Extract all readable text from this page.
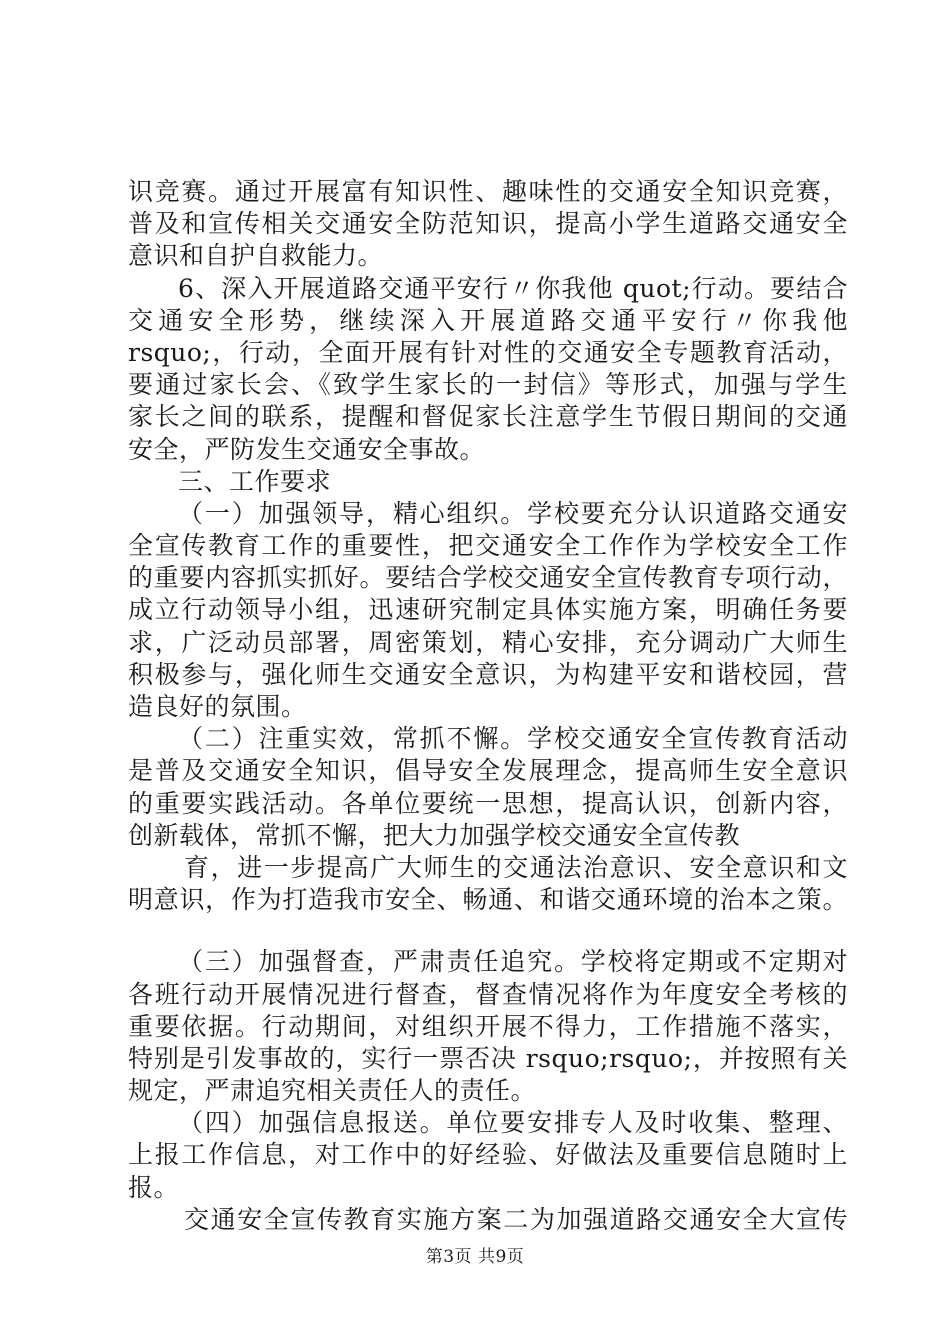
识竞赛。通过开展富有知识性、趣味性的交通安全知识竞赛，
普及和宣传相关交通安全防范知识，提高小学生道路交通安全
意识和自护自救能力。
6、深入开展道路交通平安行〃你我他 quot;行动。要结合
交通安全形势，继续深入开展道路交通平安行〃你我他
rsquo;，行动，全面开展有针对性的交通安全专题教育活动，
要通过家长会、《致学生家长的一封信》等形式，加强与学生
家长之间的联系，提醒和督促家长注意学生节假日期间的交通
安全，严防发生交通安全事故。
三、工作要求
（一）加强领导，精心组织。学校要充分认识道路交通安
全宣传教育工作的重要性，把交通安全工作作为学校安全工作
的重要内容抓实抓好。要结合学校交通安全宣传教育专项行动，
成立行动领导小组，迅速研究制定具体实施方案，明确任务要
求，广泛动员部署，周密策划，精心安排，充分调动广大师生
积极参与，强化师生交通安全意识，为构建平安和谐校园，营
造良好的氛围。
（二）注重实效，常抓不懈。学校交通安全宣传教育活动
是普及交通安全知识，倡导安全发展理念，提高师生安全意识
的重要实践活动。各单位要统一思想，提高认识，创新内容，
创新载体，常抓不懈，把大力加强学校交通安全宣传教
育，进一步提高广大师生的交通法治意识、安全意识和文
明意识，作为打造我市安全、畅通、和谐交通环境的治本之策。
（三）加强督查，严肃责任追究。学校将定期或不定期对
各班行动开展情况进行督查，督查情况将作为年度安全考核的
重要依据。行动期间，对组织开展不得力，工作措施不落实，
特别是引发事故的，实行一票否决 rsquo;rsquo;，并按照有关
规定，严肃追究相关责任人的责任。
（四）加强信息报送。单位要安排专人及时收集、整理、
上报工作信息，对工作中的好经验、好做法及重要信息随时上
报。
交通安全宣传教育实施方案二为加强道路交通安全大宣传
第3页 共9页
